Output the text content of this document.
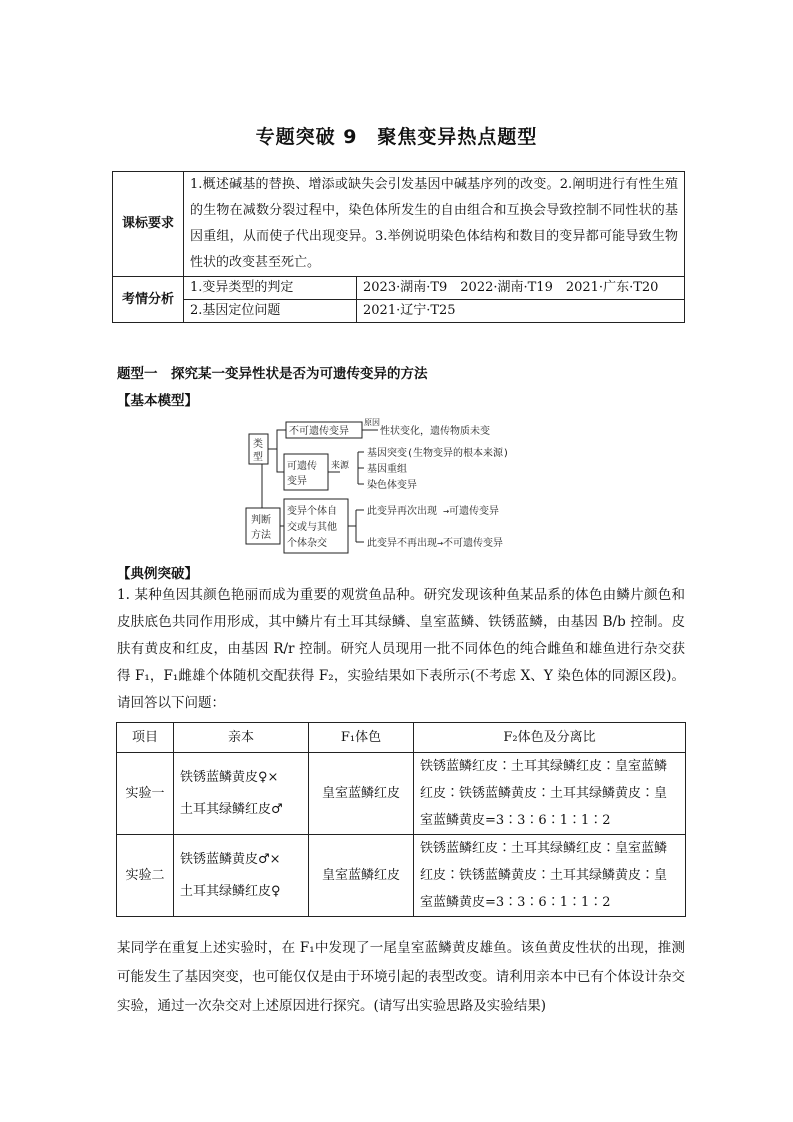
专题突破 9　聚焦变异热点题型
课标要求	1.概述碱基的替换、增添或缺失会引发基因中碱基序列的改变。2.阐明进行有性生殖的生物在减数分裂过程中，染色体所发生的自由组合和互换会导致控制不同性状的基因重组，从而使子代出现变异。3.举例说明染色体结构和数目的变异都可能导致生物性状的改变甚至死亡。	
考情分析	1.变异类型的判定	2023·湖南·T9　2022·湖南·T19　2021·广东·T20
	2.基因定位问题	2021·辽宁·T25
题型一　探究某一变异性状是否为可遗传变异的方法
【基本模型】
类
型
不可遗传变异
原因
性状变化，遗传物质未变
可遗传
变异
来源
基因突变(生物变异的根本来源)
基因重组
染色体变异
判断
方法
变异个体自
交或与其他
个体杂交
此变异再次出现 →可遗传变异
此变异不再出现→不可遗传变异
【典例突破】
1. 某种鱼因其颜色艳丽而成为重要的观赏鱼品种。研究发现该种鱼某品系的体色由鳞片颜色和皮肤底色共同作用形成，其中鳞片有土耳其绿鳞、皇室蓝鳞、铁锈蓝鳞，由基因 B/b 控制。皮肤有黄皮和红皮，由基因 R/r 控制。研究人员现用一批不同体色的纯合雌鱼和雄鱼进行杂交获得 F₁，F₁雌雄个体随机交配获得 F₂，实验结果如下表所示(不考虑 X、Y 染色体的同源区段)。请回答以下问题：
项目	亲本	F₁体色	F₂体色及分离比
实验一	铁锈蓝鳞黄皮♀×
土耳其绿鳞红皮♂	皇室蓝鳞红皮	铁锈蓝鳞红皮∶土耳其绿鳞红皮∶皇室蓝鳞红皮∶铁锈蓝鳞黄皮∶土耳其绿鳞黄皮∶皇室蓝鳞黄皮=3∶3∶6∶1∶1∶2
实验二	铁锈蓝鳞黄皮♂×
土耳其绿鳞红皮♀	皇室蓝鳞红皮	铁锈蓝鳞红皮∶土耳其绿鳞红皮∶皇室蓝鳞红皮∶铁锈蓝鳞黄皮∶土耳其绿鳞黄皮∶皇室蓝鳞黄皮=3∶3∶6∶1∶1∶2
某同学在重复上述实验时，在 F₁中发现了一尾皇室蓝鳞黄皮雄鱼。该鱼黄皮性状的出现，推测可能发生了基因突变，也可能仅仅是由于环境引起的表型改变。请利用亲本中已有个体设计杂交实验，通过一次杂交对上述原因进行探究。(请写出实验思路及实验结果)
